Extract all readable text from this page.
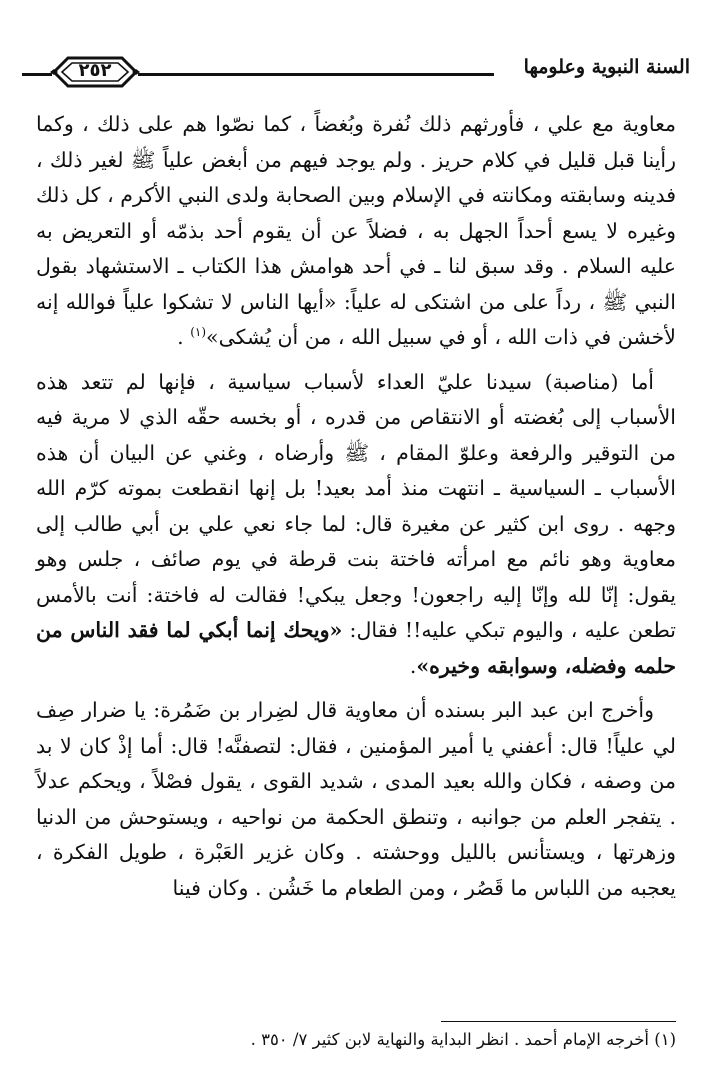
٢٥٢	السنة النبوية وعلومها

معاوية مع علي ، فأورثهم ذلك نُفرة وبُغضاً ، كما نصّوا هم على ذلك ، وكما رأينا قبل قليل في كلام حريز . ولم يوجد فيهم من أبغض علياً ﷺ لغير ذلك ، فدينه وسابقته ومكانته في الإسلام وبين الصحابة ولدى النبي الأكرم ، كل ذلك وغيره لا يسع أحداً الجهل به ، فضلاً عن أن يقوم أحد بذمّه أو التعريض به عليه السلام . وقد سبق لنا ـ في أحد هوامش هذا الكتاب ـ الاستشهاد بقول النبي ﷺ ، رداً على من اشتكى له علياً: «أيها الناس لا تشكوا علياً فوالله إنه لأخشن في ذات الله ، أو في سبيل الله ، من أن يُشكى»$^{(١)}$ .

أما (مناصبة) سيدنا عليّ العداء لأسباب سياسية ، فإنها لم تتعد هذه الأسباب إلى بُغضته أو الانتقاص من قدره ، أو بخسه حقّه الذي لا مرية فيه من التوقير والرفعة وعلوّ المقام ، ﷺ وأرضاه ، وغني عن البيان أن هذه الأسباب ـ السياسية ـ انتهت منذ أمد بعيد! بل إنها انقطعت بموته كرّم الله وجهه . روى ابن كثير عن مغيرة قال: لما جاء نعي علي بن أبي طالب إلى معاوية وهو نائم مع امرأته فاختة بنت قرطة في يوم صائف ، جلس وهو يقول: إنّا لله وإنّا إليه راجعون! وجعل يبكي! فقالت له فاختة: أنت بالأمس تطعن عليه ، واليوم تبكي عليه!! فقال: «ويحك إنما أبكي لما فقد الناس من حلمه وفضله، وسوابقه وخيره».

وأخرج ابن عبد البر بسنده أن معاوية قال لضِرار بن ضَمُرة: يا ضرار صِف لي علياً! قال: أعفني يا أمير المؤمنين ، فقال: لتصفنَّه! قال: أما إذْ كان لا بد من وصفه ، فكان والله بعيد المدى ، شديد القوى ، يقول فصْلاً ، ويحكم عدلاً . يتفجر العلم من جوانبه ، وتنطق الحكمة من نواحيه ، ويستوحش من الدنيا وزهرتها ، ويستأنس بالليل ووحشته . وكان غزير العَبْرة ، طويل الفكرة ، يعجبه من اللباس ما قَصُر ، ومن الطعام ما خَشُن . وكان فينا

(١) أخرجه الإمام أحمد . انظر البداية والنهاية لابن كثير ٧/ ٣٥٠ .
